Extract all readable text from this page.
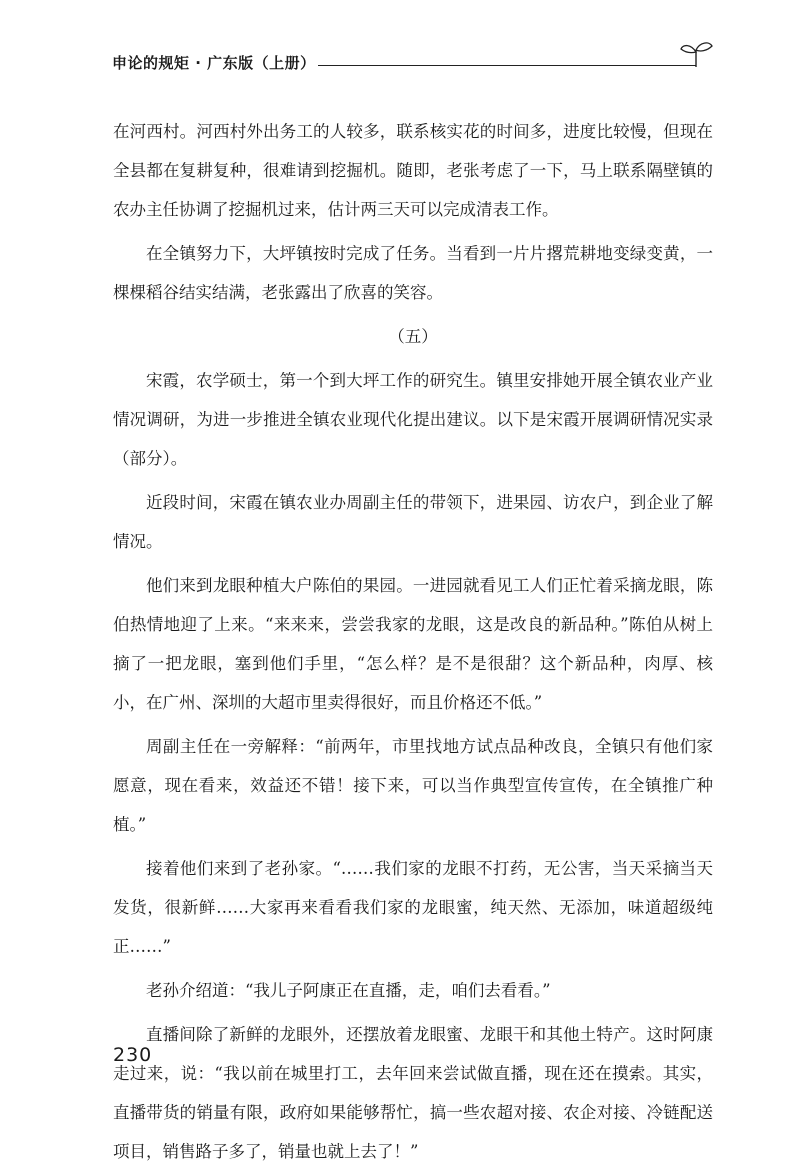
申论的规矩 · 广东版（上册）

在河西村。河西村外出务工的人较多，联系核实花的时间多，进度比较慢，但现在全县都在复耕复种，很难请到挖掘机。随即，老张考虑了一下，马上联系隔壁镇的农办主任协调了挖掘机过来，估计两三天可以完成清表工作。

在全镇努力下，大坪镇按时完成了任务。当看到一片片撂荒耕地变绿变黄，一棵棵稻谷结实结满，老张露出了欣喜的笑容。

（五）

宋霞，农学硕士，第一个到大坪工作的研究生。镇里安排她开展全镇农业产业情况调研，为进一步推进全镇农业现代化提出建议。以下是宋霞开展调研情况实录（部分）。

近段时间，宋霞在镇农业办周副主任的带领下，进果园、访农户，到企业了解情况。

他们来到龙眼种植大户陈伯的果园。一进园就看见工人们正忙着采摘龙眼，陈伯热情地迎了上来。“来来来，尝尝我家的龙眼，这是改良的新品种。”陈伯从树上摘了一把龙眼，塞到他们手里，“怎么样？是不是很甜？这个新品种，肉厚、核小，在广州、深圳的大超市里卖得很好，而且价格还不低。”

周副主任在一旁解释：“前两年，市里找地方试点品种改良，全镇只有他们家愿意，现在看来，效益还不错！接下来，可以当作典型宣传宣传，在全镇推广种植。”

接着他们来到了老孙家。“……我们家的龙眼不打药，无公害，当天采摘当天发货，很新鲜……大家再来看看我们家的龙眼蜜，纯天然、无添加，味道超级纯正……”

老孙介绍道：“我儿子阿康正在直播，走，咱们去看看。”

直播间除了新鲜的龙眼外，还摆放着龙眼蜜、龙眼干和其他土特产。这时阿康走过来，说：“我以前在城里打工，去年回来尝试做直播，现在还在摸索。其实，直播带货的销量有限，政府如果能够帮忙，搞一些农超对接、农企对接、冷链配送项目，销售路子多了，销量也就上去了！”

230
